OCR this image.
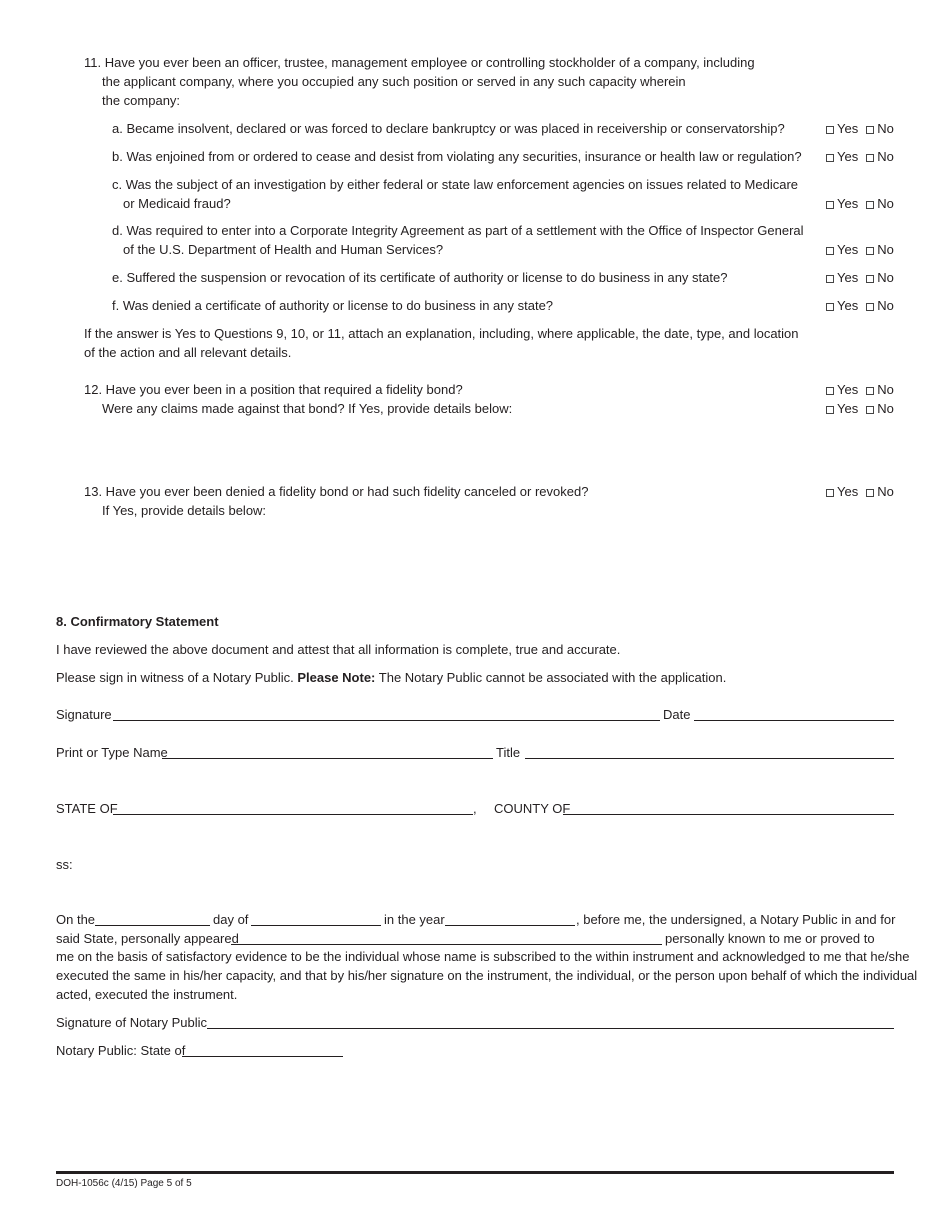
11. Have you ever been an officer, trustee, management employee or controlling stockholder of a company, including
the applicant company, where you occupied any such position or served in any such capacity wherein
the company:
a. Became insolvent, declared or was forced to declare bankruptcy or was placed in receivership or conservatorship?	Yes No
b. Was enjoined from or ordered to cease and desist from violating any securities, insurance or health law or regulation?	Yes No
c. Was the subject of an investigation by either federal or state law enforcement agencies on issues related to Medicare
or Medicaid fraud?	Yes No
d. Was required to enter into a Corporate Integrity Agreement as part of a settlement with the Office of Inspector General
of the U.S. Department of Health and Human Services?	Yes No
e. Suffered the suspension or revocation of its certificate of authority or license to do business in any state?	Yes No
f. Was denied a certificate of authority or license to do business in any state?	Yes No
If the answer is Yes to Questions 9, 10, or 11, attach an explanation, including, where applicable, the date, type, and location
of the action and all relevant details.
12. Have you ever been in a position that required a fidelity bond?	Yes No
Were any claims made against that bond? If Yes, provide details below:	Yes No
13. Have you ever been denied a fidelity bond or had such fidelity canceled or revoked?	Yes No
If Yes, provide details below:
8. Confirmatory Statement
I have reviewed the above document and attest that all information is complete, true and accurate.
Please sign in witness of a Notary Public. Please Note: The Notary Public cannot be associated with the application.
Signature	Date
Print or Type Name	Title
STATE OF	, COUNTY OF
ss:
On the	day of	in the year	, before me, the undersigned, a Notary Public in and for
said State, personally appeared	personally known to me or proved to
me on the basis of satisfactory evidence to be the individual whose name is subscribed to the within instrument and acknowledged to me that he/she
executed the same in his/her capacity, and that by his/her signature on the instrument, the individual, or the person upon behalf of which the individual
acted, executed the instrument.
Signature of Notary Public
Notary Public: State of
DOH-1056c (4/15) Page 5 of 5
